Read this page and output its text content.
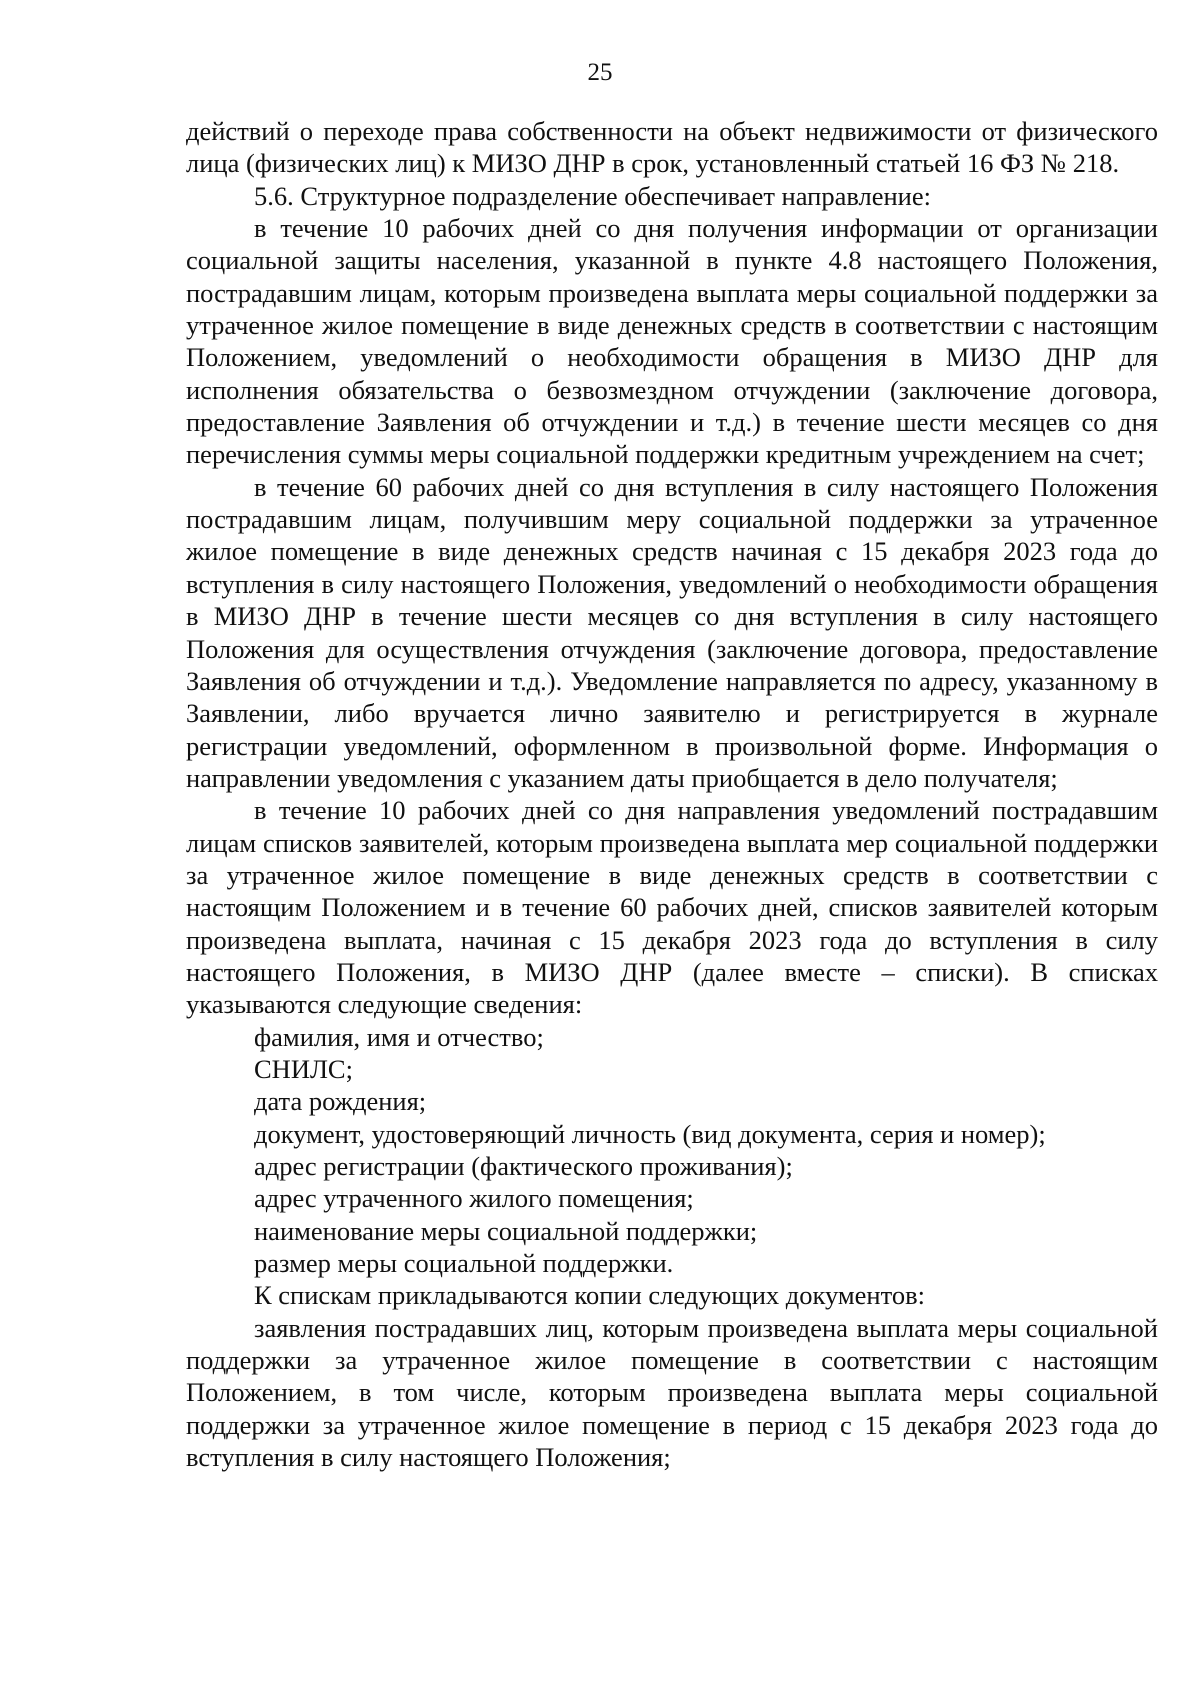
25

действий о переходе права собственности на объект недвижимости от физического лица (физических лиц) к МИЗО ДНР в срок, установленный статьей 16 ФЗ № 218.

5.6. Структурное подразделение обеспечивает направление:

в течение 10 рабочих дней со дня получения информации от организации социальной защиты населения, указанной в пункте 4.8 настоящего Положения, пострадавшим лицам, которым произведена выплата меры социальной поддержки за утраченное жилое помещение в виде денежных средств в соответствии с настоящим Положением, уведомлений о необходимости обращения в МИЗО ДНР для исполнения обязательства о безвозмездном отчуждении (заключение договора, предоставление Заявления об отчуждении и т.д.) в течение шести месяцев со дня перечисления суммы меры социальной поддержки кредитным учреждением на счет;

в течение 60 рабочих дней со дня вступления в силу настоящего Положения пострадавшим лицам, получившим меру социальной поддержки за утраченное жилое помещение в виде денежных средств начиная с 15 декабря 2023 года до вступления в силу настоящего Положения, уведомлений о необходимости обращения в МИЗО ДНР в течение шести месяцев со дня вступления в силу настоящего Положения для осуществления отчуждения (заключение договора, предоставление Заявления об отчуждении и т.д.). Уведомление направляется по адресу, указанному в Заявлении, либо вручается лично заявителю и регистрируется в журнале регистрации уведомлений, оформленном в произвольной форме. Информация о направлении уведомления с указанием даты приобщается в дело получателя;

в течение 10 рабочих дней со дня направления уведомлений пострадавшим лицам списков заявителей, которым произведена выплата мер социальной поддержки за утраченное жилое помещение в виде денежных средств в соответствии с настоящим Положением и в течение 60 рабочих дней, списков заявителей которым произведена выплата, начиная с 15 декабря 2023 года до вступления в силу настоящего Положения, в МИЗО ДНР (далее вместе – списки). В списках указываются следующие сведения:

фамилия, имя и отчество;

СНИЛС;

дата рождения;

документ, удостоверяющий личность (вид документа, серия и номер);

адрес регистрации (фактического проживания);

адрес утраченного жилого помещения;

наименование меры социальной поддержки;

размер меры социальной поддержки.

К спискам прикладываются копии следующих документов:

заявления пострадавших лиц, которым произведена выплата меры социальной поддержки за утраченное жилое помещение в соответствии с настоящим Положением, в том числе, которым произведена выплата меры социальной поддержки за утраченное жилое помещение в период с 15 декабря 2023 года до вступления в силу настоящего Положения;
